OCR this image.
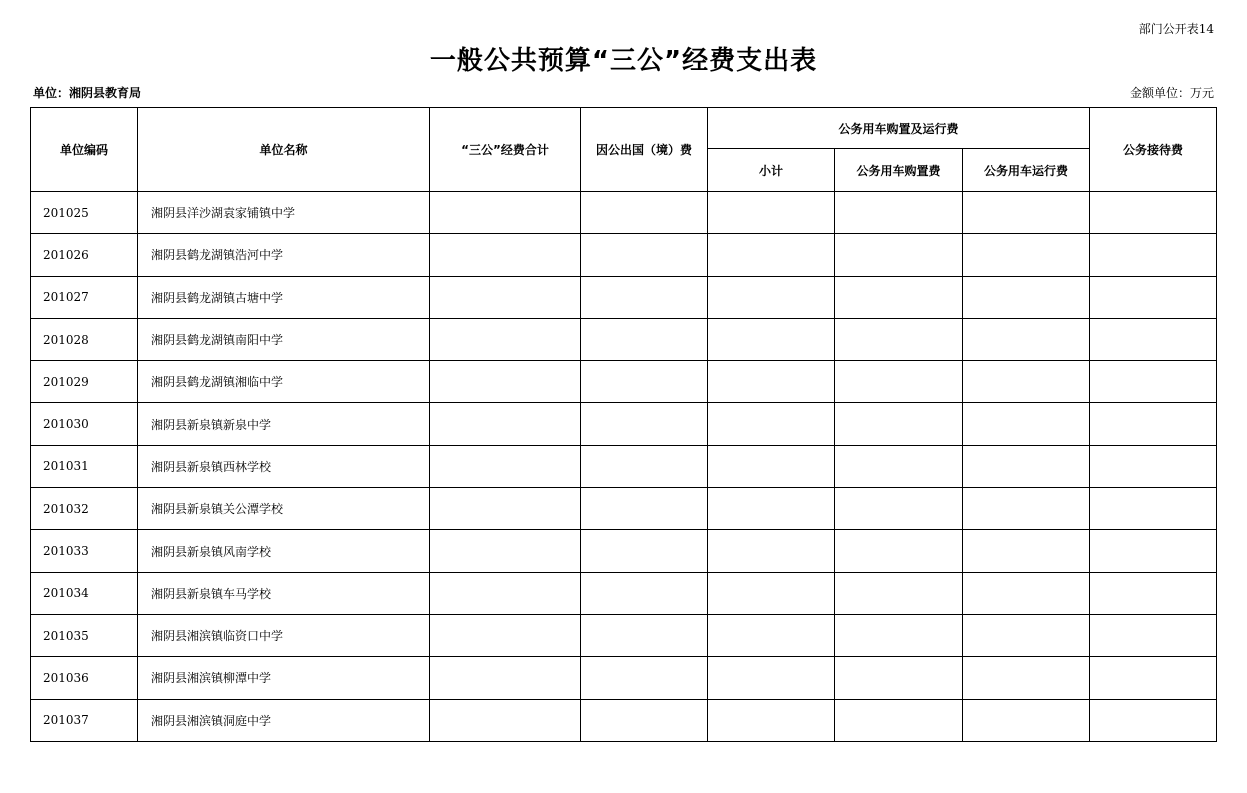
部门公开表14
一般公共预算“三公”经费支出表
单位：湘阴县教育局	金额单位：万元
单位编码	单位名称	“三公”经费合计	因公出国（境）费	公务用车购置及运行费			公务接待费
				小计	公务用车购置费	公务用车运行费	
201025	湘阴县洋沙湖袁家铺镇中学						
201026	湘阴县鹤龙湖镇浩河中学						
201027	湘阴县鹤龙湖镇古塘中学						
201028	湘阴县鹤龙湖镇南阳中学						
201029	湘阴县鹤龙湖镇湘临中学						
201030	湘阴县新泉镇新泉中学						
201031	湘阴县新泉镇西林学校						
201032	湘阴县新泉镇关公潭学校						
201033	湘阴县新泉镇风南学校						
201034	湘阴县新泉镇车马学校						
201035	湘阴县湘滨镇临资口中学						
201036	湘阴县湘滨镇柳潭中学						
201037	湘阴县湘滨镇洞庭中学						
